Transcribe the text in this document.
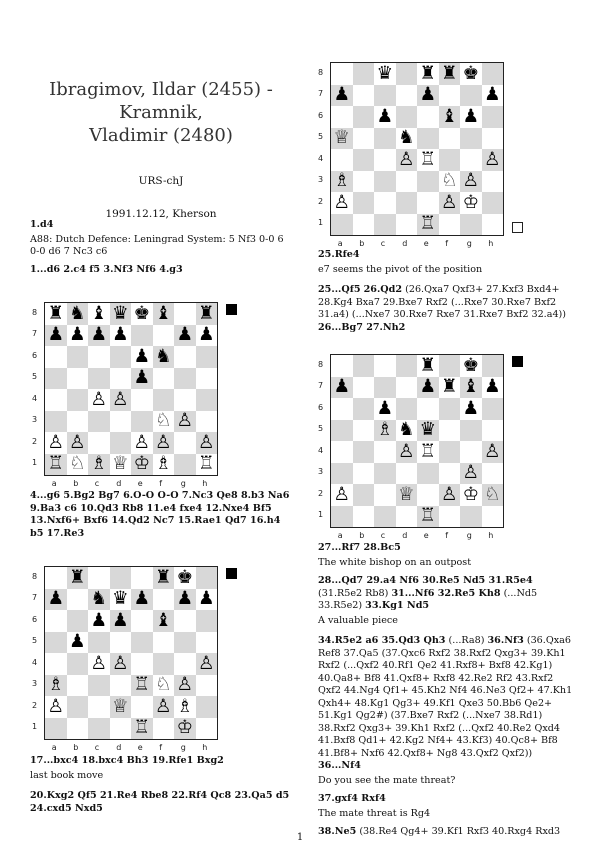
Ibragimov, Ildar (2455) - Kramnik,
Vladimir (2480)
URS-chJ
1991.12.12, Kherson

1.d4

A88: Dutch Defence: Leningrad System: 5 Nf3 0-0 6 0-0 d6 7 Nc3 c6

1...d6 2.c4 f5 3.Nf3 Nf6 4.g3

♜ ♞ ♝ ♛ ♚ ♝ ♜
♟ ♟ ♟ ♟	♟ ♟
♟ ♞
♟
♙ ♙
♘ ♙
♙ ♙	♙ ♙ ♙
♖ ♘ ♗ ♕ ♔ ♗ ♖
8
7
6
5
4
3
2
1
a b c d e f g h

4...g6 5.Bg2 Bg7 6.O-O O-O 7.Nc3 Qe8 8.b3 Na6 9.Ba3 c6 10.Qd3 Rb8 11.e4 fxe4 12.Nxe4 Bf5 13.Nxf6+ Bxf6 14.Qd2 Nc7 15.Rae1 Qd7 16.h4 b5 17.Re3

♜	♜ ♚
♟ ♞ ♛ ♟ ♟ ♟
♟ ♟ ♝
♟
♙ ♙	♙
♗	♖ ♘ ♙
♙	♕ ♙ ♗
♖ ♔
8
7
6
5
4
3
2
1
a b c d e f g h

17...bxc4 18.bxc4 Bh3 19.Rfe1 Bxg2

last book move

20.Kxg2 Qf5 21.Re4 Rbe8 22.Rf4 Qc8 23.Qa5 d5 24.cxd5 Nxd5

♛ ♜ ♜ ♚
♟	♟	♟
♟	♝ ♟
♕	♞
♙ ♖	♙
♗	♘ ♙
♙	♙ ♔
♖
8
7
6
5
4
3
2
1
a b c d e f g h

25.Rfe4

e7 seems the pivot of the position

25...Qf5 26.Qd2 (26.Qxa7 Qxf3+ 27.Kxf3 Bxd4+ 28.Kg4 Bxa7 29.Bxe7 Rxf2 (...Rxe7 30.Rxe7 Bxf2 31.a4) (...Nxe7 30.Rxe7 Rxe7 31.Rxe7 Bxf2 32.a4)) 26...Bg7 27.Nh2

♜ ♚
♟	♟ ♜ ♝ ♟
♟	♟
♗ ♞ ♛
♙ ♖	♙
♙
♙	♕ ♙ ♔ ♘
♖
8
7
6
5
4
3
2
1
a b c d e f g h

27...Rf7 28.Bc5

The white bishop on an outpost

28...Qd7 29.a4 Nf6 30.Re5 Nd5 31.R5e4 (31.R5e2 Rb8) 31...Nf6 32.Re5 Kh8 (...Nd5 33.R5e2) 33.Kg1 Nd5

A valuable piece

34.R5e2 a6 35.Qd3 Qh3 (...Ra8) 36.Nf3 (36.Qxa6 Ref8 37.Qa5 (37.Qxc6 Rxf2 38.Rxf2 Qxg3+ 39.Kh1 Rxf2 (...Qxf2 40.Rf1 Qe2 41.Rxf8+ Bxf8 42.Kg1) 40.Qa8+ Bf8 41.Qxf8+ Rxf8 42.Re2 Rf2 43.Rxf2 Qxf2 44.Ng4 Qf1+ 45.Kh2 Nf4 46.Ne3 Qf2+ 47.Kh1 Qxh4+ 48.Kg1 Qg3+ 49.Kf1 Qxe3 50.Bb6 Qe2+ 51.Kg1 Qg2#) (37.Bxe7 Rxf2 (...Nxe7 38.Rd1) 38.Rxf2 Qxg3+ 39.Kh1 Rxf2 (...Qxf2 40.Re2 Qxd4 41.Bxf8 Qd1+ 42.Kg2 Nf4+ 43.Kf3) 40.Qc8+ Bf8 41.Bf8+ Nxf6 42.Qxf8+ Ng8 43.Qxf2 Qxf2)) 36...Nf4

Do you see the mate threat?

37.gxf4 Rxf4

The mate threat is Rg4

38.Ne5 (38.Re4 Qg4+ 39.Kf1 Rxf3 40.Rxg4 Rxd3

1
